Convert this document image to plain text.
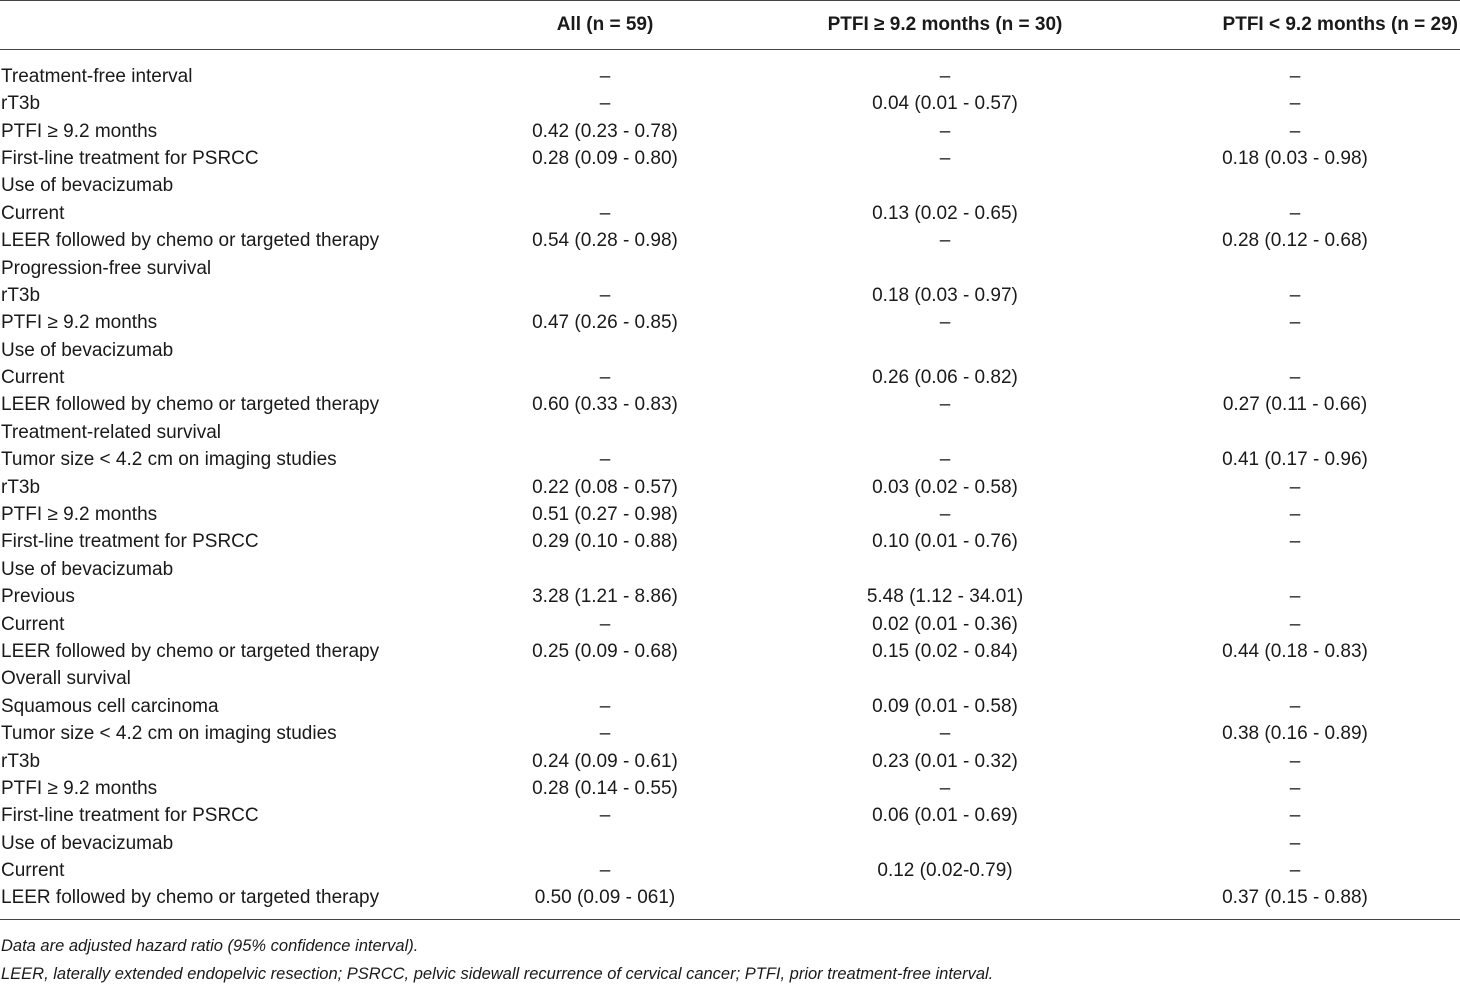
	All (n = 59)	PTFI ≥ 9.2 months (n = 30)	PTFI < 9.2 months (n = 29)
Treatment-free interval	–	–	–
rT3b	–	0.04 (0.01 - 0.57)	–
PTFI ≥ 9.2 months	0.42 (0.23 - 0.78)	–	–
First-line treatment for PSRCC	0.28 (0.09 - 0.80)	–	0.18 (0.03 - 0.98)
Use of bevacizumab			
Current	–	0.13 (0.02 - 0.65)	–
LEER followed by chemo or targeted therapy	0.54 (0.28 - 0.98)	–	0.28 (0.12 - 0.68)
Progression-free survival			
rT3b	–	0.18 (0.03 - 0.97)	–
PTFI ≥ 9.2 months	0.47 (0.26 - 0.85)	–	–
Use of bevacizumab			
Current	–	0.26 (0.06 - 0.82)	–
LEER followed by chemo or targeted therapy	0.60 (0.33 - 0.83)	–	0.27 (0.11 - 0.66)
Treatment-related survival			
Tumor size < 4.2 cm on imaging studies	–	–	0.41 (0.17 - 0.96)
rT3b	0.22 (0.08 - 0.57)	0.03 (0.02 - 0.58)	–
PTFI ≥ 9.2 months	0.51 (0.27 - 0.98)	–	–
First-line treatment for PSRCC	0.29 (0.10 - 0.88)	0.10 (0.01 - 0.76)	–
Use of bevacizumab			
Previous	3.28 (1.21 - 8.86)	5.48 (1.12 - 34.01)	–
Current	–	0.02 (0.01 - 0.36)	–
LEER followed by chemo or targeted therapy	0.25 (0.09 - 0.68)	0.15 (0.02 - 0.84)	0.44 (0.18 - 0.83)
Overall survival			
Squamous cell carcinoma	–	0.09 (0.01 - 0.58)	–
Tumor size < 4.2 cm on imaging studies	–	–	0.38 (0.16 - 0.89)
rT3b	0.24 (0.09 - 0.61)	0.23 (0.01 - 0.32)	–
PTFI ≥ 9.2 months	0.28 (0.14 - 0.55)	–	–
First-line treatment for PSRCC	–	0.06 (0.01 - 0.69)	–
Use of bevacizumab			–
Current	–	0.12 (0.02-0.79)	–
LEER followed by chemo or targeted therapy	0.50 (0.09 - 061)		0.37 (0.15 - 0.88)
Data are adjusted hazard ratio (95% confidence interval).
LEER, laterally extended endopelvic resection; PSRCC, pelvic sidewall recurrence of cervical cancer; PTFI, prior treatment-free interval.
